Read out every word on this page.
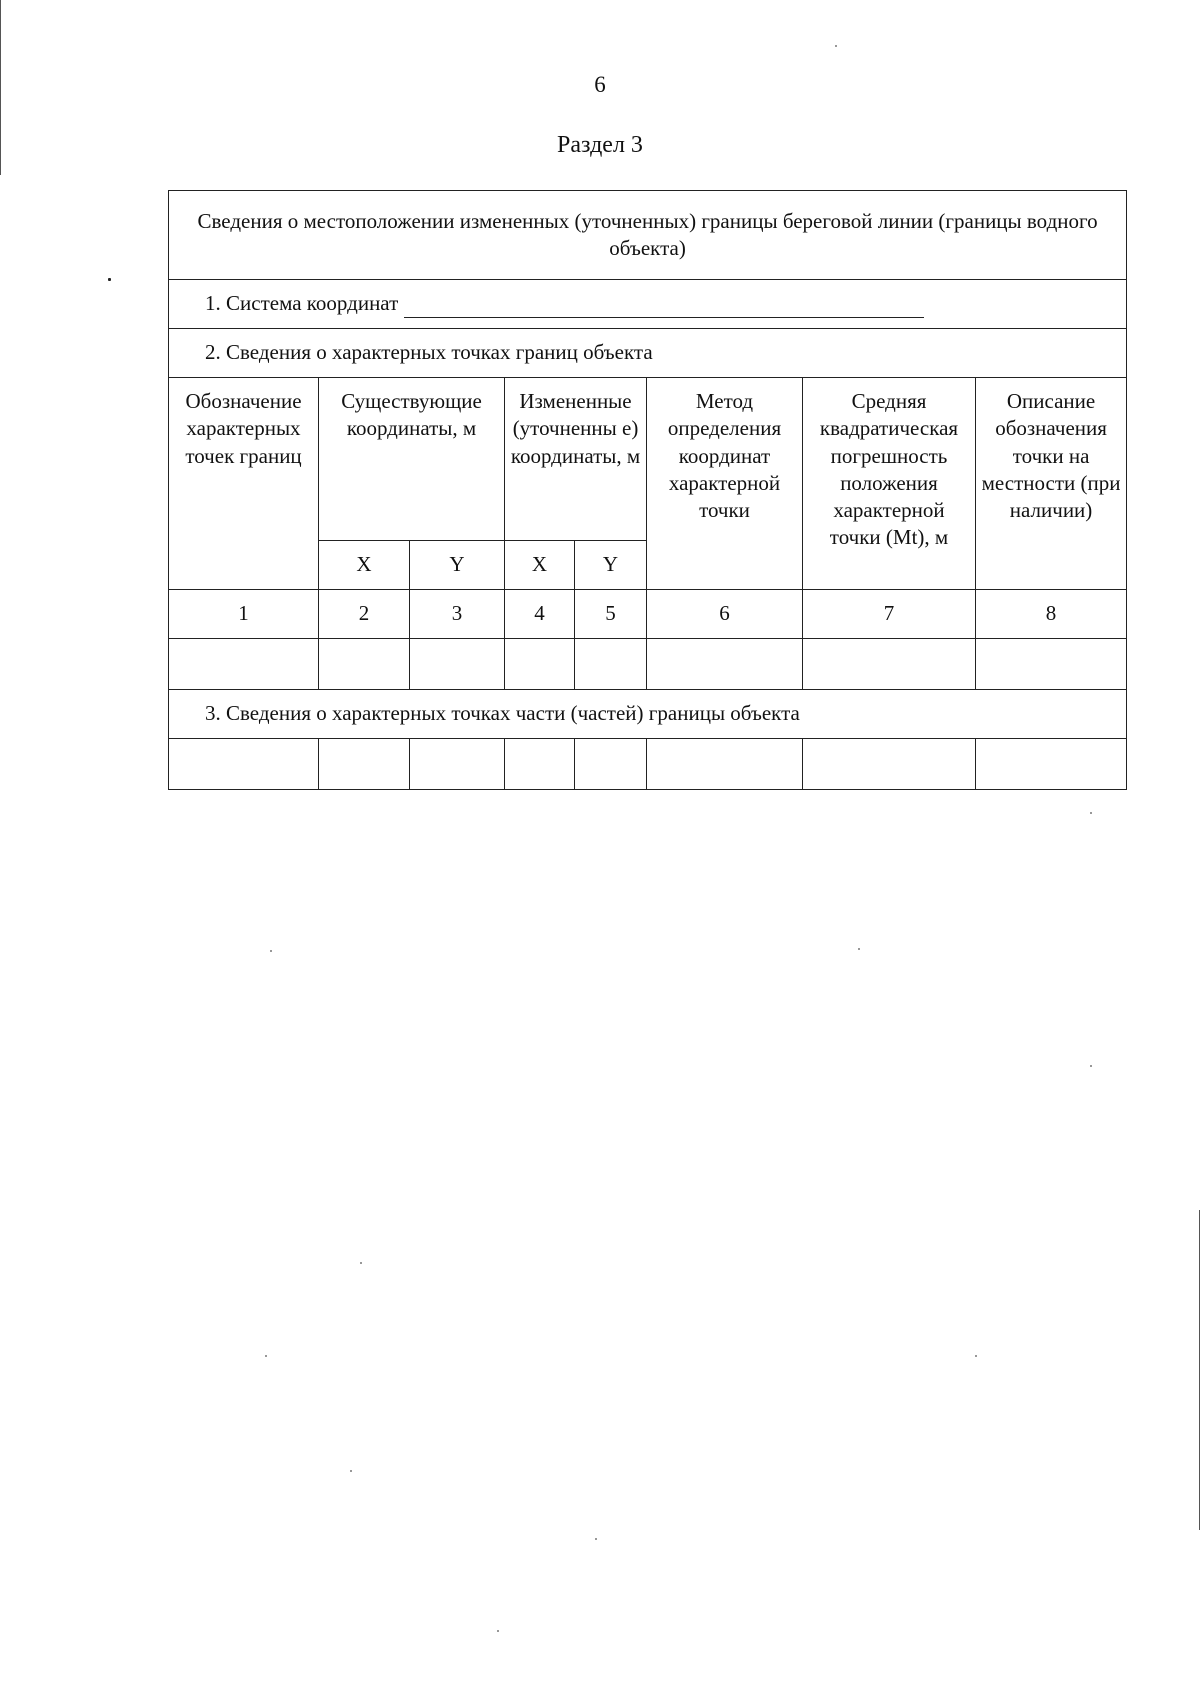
6
Раздел 3
Сведения о местоположении измененных (уточненных) границы береговой линии (границы водного объекта)							
1. Система координат							
2. Сведения о характерных точках границ объекта							
Обозначение характерных точек границ	Существующие координаты, м		Измененные (уточненны е) координаты, м		Метод определения координат характерной точки	Средняя квадратическая погрешность положения характерной точки (Mt), м	Описание обозначения точки на местности (при наличии)
	X	Y	X	Y			
1	2	3	4	5	6	7	8

3. Сведения о характерных точках части (частей) границы объекта							
